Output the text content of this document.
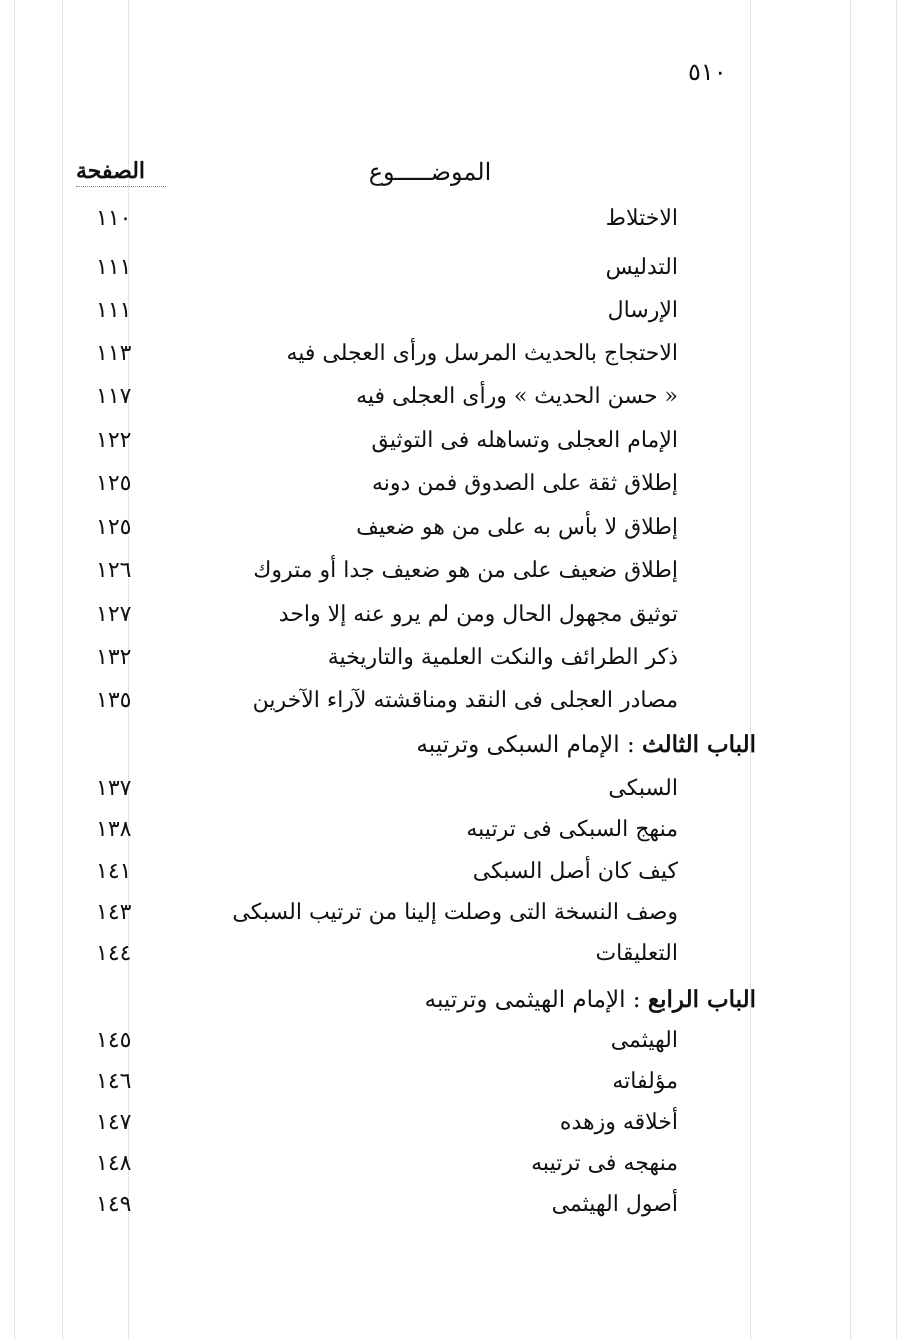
٥١٠
الموضـــــوع
الصفحة
الاختلاط
١١٠
التدليس
١١١
الإرسال
١١١
الاحتجاج بالحديث المرسل ورأى العجلى فيه
١١٣
« حسن الحديث » ورأى العجلى فيه
١١٧
الإمام العجلى وتساهله فى التوثيق
١٢٢
إطلاق ثقة على الصدوق فمن دونه
١٢٥
إطلاق لا بأس به على من هو ضعيف
١٢٥
إطلاق ضعيف على من هو ضعيف جدا أو متروك
١٢٦
توثيق مجهول الحال ومن لم يرو عنه إلا واحد
١٢٧
ذكر الطرائف والنكت العلمية والتاريخية
١٣٢
مصادر العجلى فى النقد ومناقشته لآراء الآخرين
١٣٥
الباب الثالث : الإمام السبكى وترتيبه
السبكى
١٣٧
منهج السبكى فى ترتيبه
١٣٨
كيف كان أصل السبكى
١٤١
وصف النسخة التى وصلت إلينا من ترتيب السبكى
١٤٣
التعليقات
١٤٤
الباب الرابع : الإمام الهيثمى وترتيبه
الهيثمى
١٤٥
مؤلفاته
١٤٦
أخلاقه وزهده
١٤٧
منهجه فى ترتيبه
١٤٨
أصول الهيثمى
١٤٩
